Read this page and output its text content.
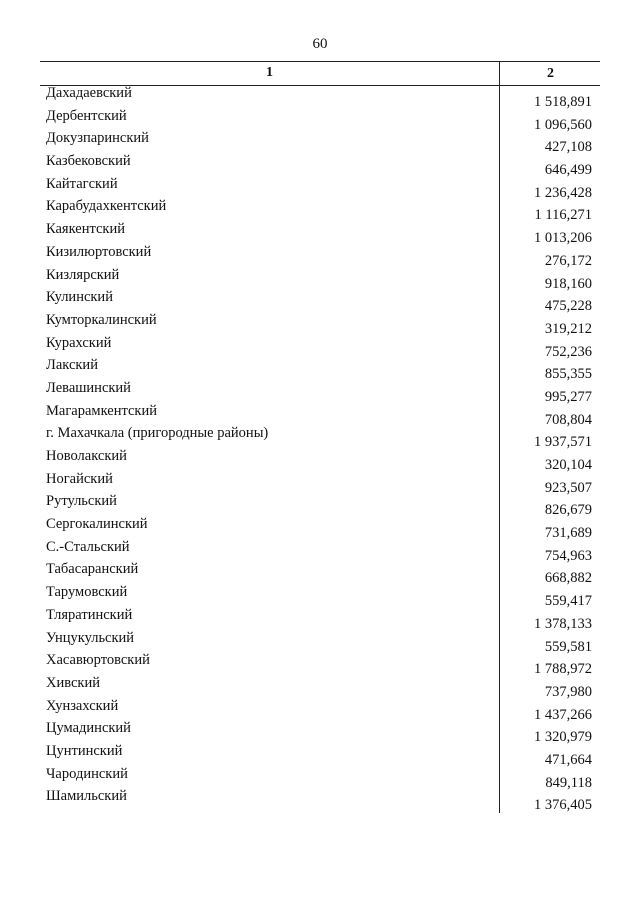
60
1	2
Дахадаевский
1 518,891
Дербентский
1 096,560
Докузпаринский
427,108
Казбековский
646,499
Кайтагский
1 236,428
Карабудахкентский
1 116,271
Каякентский
1 013,206
Кизилюртовский
276,172
Кизлярский
918,160
Кулинский
475,228
Кумторкалинский
319,212
Курахский
752,236
Лакский
855,355
Левашинский
995,277
Магарамкентский
708,804
г. Махачкала (пригородные районы)
1 937,571
Новолакский
320,104
Ногайский
923,507
Рутульский
826,679
Сергокалинский
731,689
С.-Стальский
754,963
Табасаранский
668,882
Тарумовский
559,417
Тляратинский
1 378,133
Унцукульский
559,581
Хасавюртовский
1 788,972
Хивский
737,980
Хунзахский
1 437,266
Цумадинский
1 320,979
Цунтинский
471,664
Чародинский
849,118
Шамильский
1 376,405
